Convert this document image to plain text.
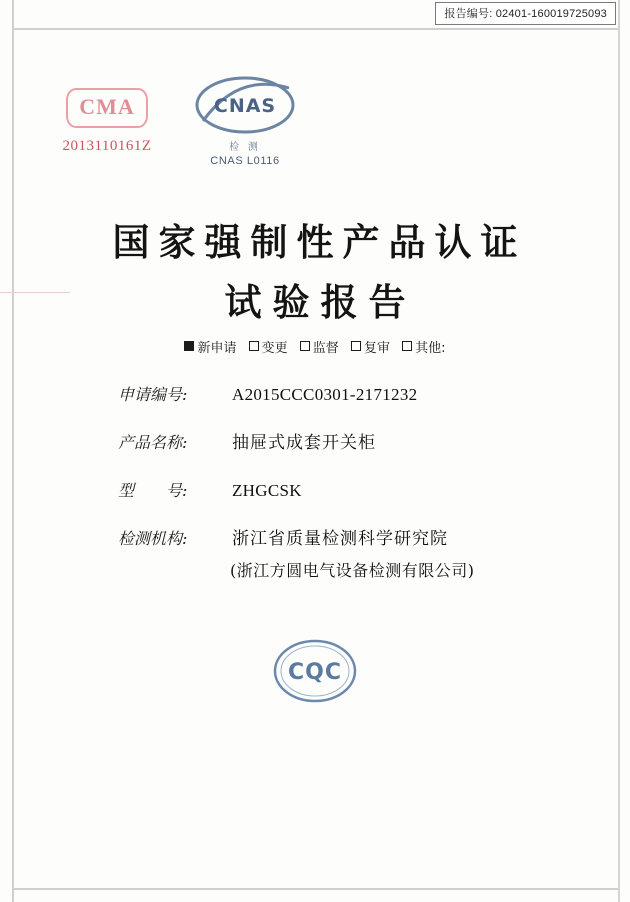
报告编号: 02401-160019725093
CMA
2013110161Z
CNAS
检 测
CNAS L0116
国家强制性产品认证
试验报告
新申请 变更 监督 复审 其他:
申请编号:	A2015CCC0301-2171232
产品名称:	抽屉式成套开关柜
型　　号:	ZHGCSK
检测机构:	浙江省质量检测科学研究院
(浙江方圆电气设备检测有限公司)
CQC
